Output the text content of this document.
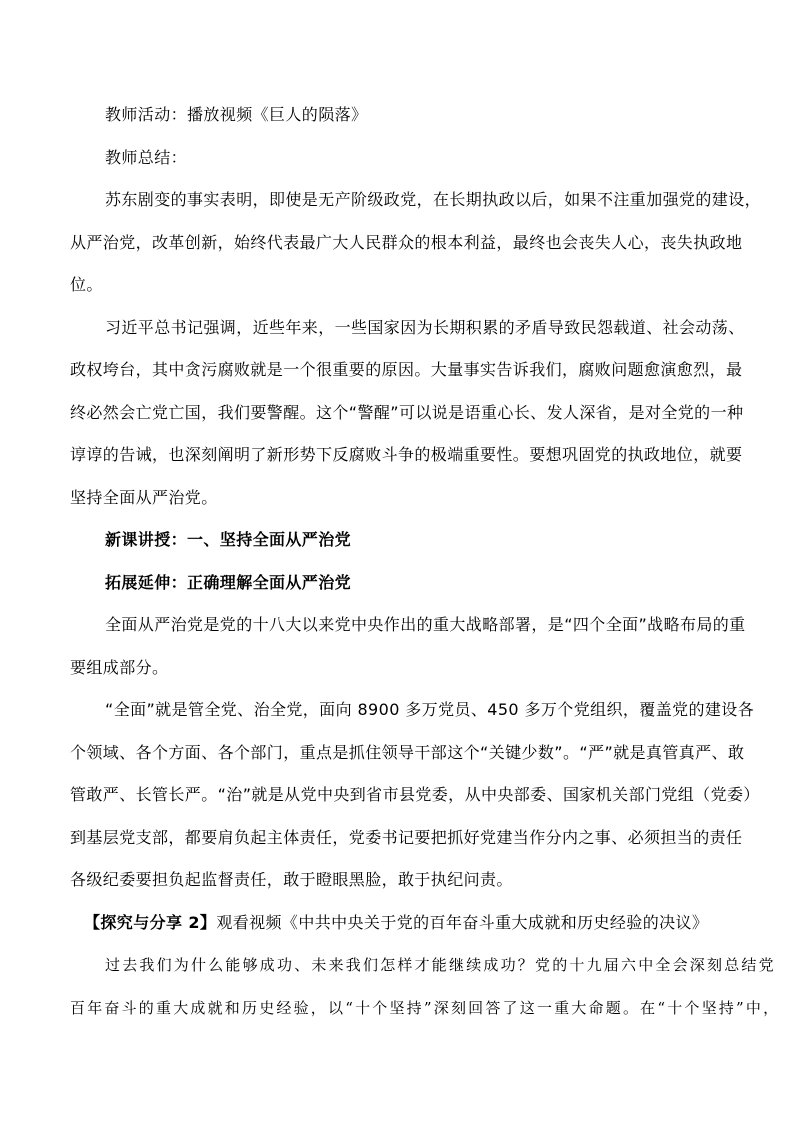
教师活动：播放视频《巨人的陨落》
教师总结：
苏东剧变的事实表明，即使是无产阶级政党，在长期执政以后，如果不注重加强党的建设，
从严治党，改革创新，始终代表最广大人民群众的根本利益，最终也会丧失人心，丧失执政地
位。
习近平总书记强调，近些年来，一些国家因为长期积累的矛盾导致民怨载道、社会动荡、
政权垮台，其中贪污腐败就是一个很重要的原因。大量事实告诉我们，腐败问题愈演愈烈，最
终必然会亡党亡国，我们要警醒。这个“警醒”可以说是语重心长、发人深省，是对全党的一种
谆谆的告诫，也深刻阐明了新形势下反腐败斗争的极端重要性。要想巩固党的执政地位，就要
坚持全面从严治党。
新课讲授：一、坚持全面从严治党
拓展延伸：正确理解全面从严治党
全面从严治党是党的十八大以来党中央作出的重大战略部署，是“四个全面”战略布局的重
要组成部分。
“全面”就是管全党、治全党，面向 8900 多万党员、450 多万个党组织，覆盖党的建设各
个领域、各个方面、各个部门，重点是抓住领导干部这个“关键少数”。“严”就是真管真严、敢
管敢严、长管长严。“治”就是从党中央到省市县党委，从中央部委、国家机关部门党组（党委）
到基层党支部，都要肩负起主体责任，党委书记要把抓好党建当作分内之事、必须担当的责任
各级纪委要担负起监督责任，敢于瞪眼黑脸，敢于执纪问责。
【探究与分享 2】观看视频《中共中央关于党的百年奋斗重大成就和历史经验的决议》
过去我们为什么能够成功、未来我们怎样才能继续成功？党的十九届六中全会深刻总结党
百年奋斗的重大成就和历史经验，以“十个坚持”深刻回答了这一重大命题。在“十个坚持”中，
